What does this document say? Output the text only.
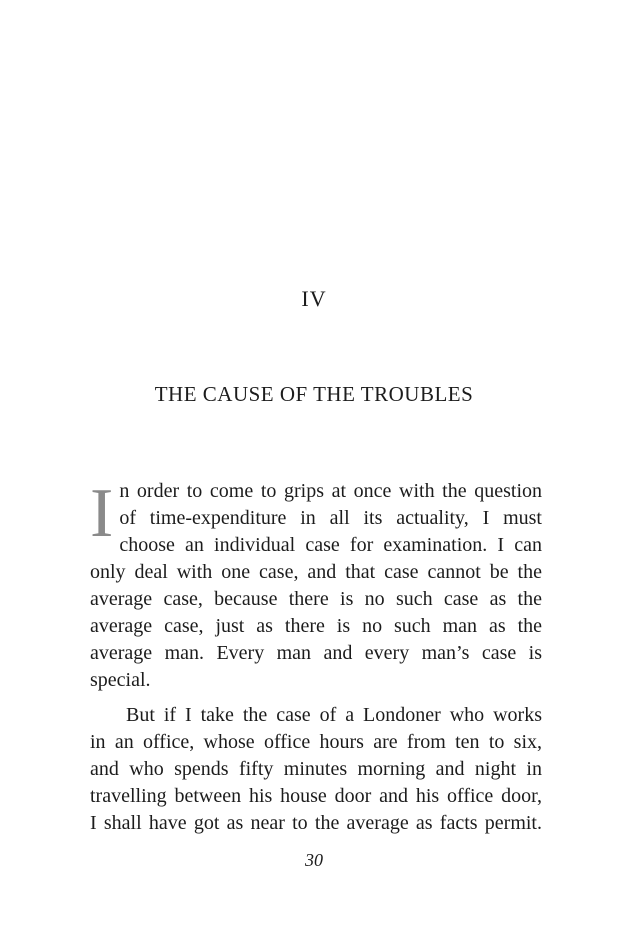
IV
THE CAUSE OF THE TROUBLES
I n order to come to grips at once with the question
of time-expenditure in all its actuality, I must
choose an individual case for examination. I can
only deal with one case, and that case cannot be the
average case, because there is no such case as the
average case, just as there is no such man as the
average man. Every man and every man’s case is
special.
But if I take the case of a Londoner who works
in an office, whose office hours are from ten to six,
and who spends fifty minutes morning and night in
travelling between his house door and his office door,
I shall have got as near to the average as facts permit.
30
